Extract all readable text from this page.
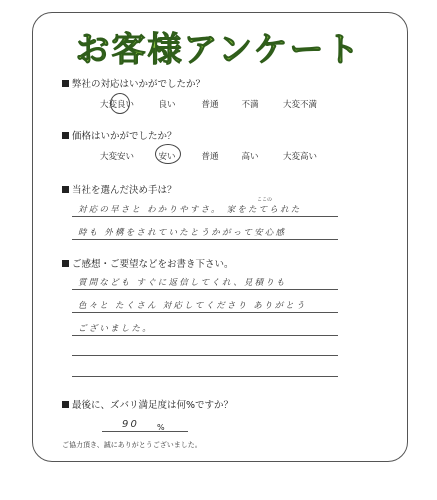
お客様アンケート
弊社の対応はいかがでしたか？
大変良い	良い	普通	不満	大変不満
価格はいかがでしたか？
大変安い	安い	普通	高い	大変高い
当社を選んだ決め手は？
ここの
対応の早さと わかりやすさ。 家をたてられた
時も 外構をされていたとうかがって安心感
ご感想・ご要望などをお書き下さい。
質問なども すぐに返信してくれ、見積りも
色々と たくさん 対応してくださり ありがとう
ございました。
最後に、ズバリ満足度は何%ですか？
90 %
ご協力頂き、誠にありがとうございました。
